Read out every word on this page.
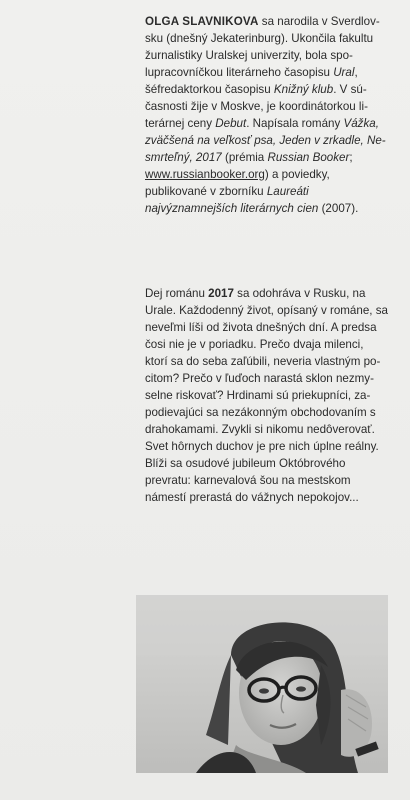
OLGA SLAVNIKOVA sa narodila v Sverdlovsku (dnešný Jekaterinburg). Ukončila fakultu žurnalistiky Uralskej univerzity, bola spolupracovníčkou literárneho časopisu Ural, šéfredaktorkou časopisu Knižný klub. V súčasnosti žije v Moskve, je koordinátorkou literárnej ceny Debut. Napísala romány Vážka, zväčšená na veľkosť psa, Jeden v zrkadle, Nesmrteľný, 2017 (prémia Russian Booker; www.russianbooker.org) a poviedky, publikované v zborníku Laureáti najvýznamnejších literárnych cien (2007).

Dej románu 2017 sa odohráva v Rusku, na Urale. Každodenný život, opísaný v románe, sa neveľmi líši od života dnešných dní. A predsa čosi nie je v poriadku. Prečo dvaja milenci, ktorí sa do seba zaľúbili, neveria vlastným pocitom? Prečo v ľuďoch narastá sklon nezmyselne riskovať? Hrdinami sú priekupníci, zapodievajúci sa nezákonným obchodovaním s drahokamami. Zvykli si nikomu nedôverovať. Svet hôrnych duchov je pre nich úplne reálny. Blíži sa osudové jubileum Októbrového prevratu: karnevalová šou na mestskom námestí prerastá do vážnych nepokojov...
